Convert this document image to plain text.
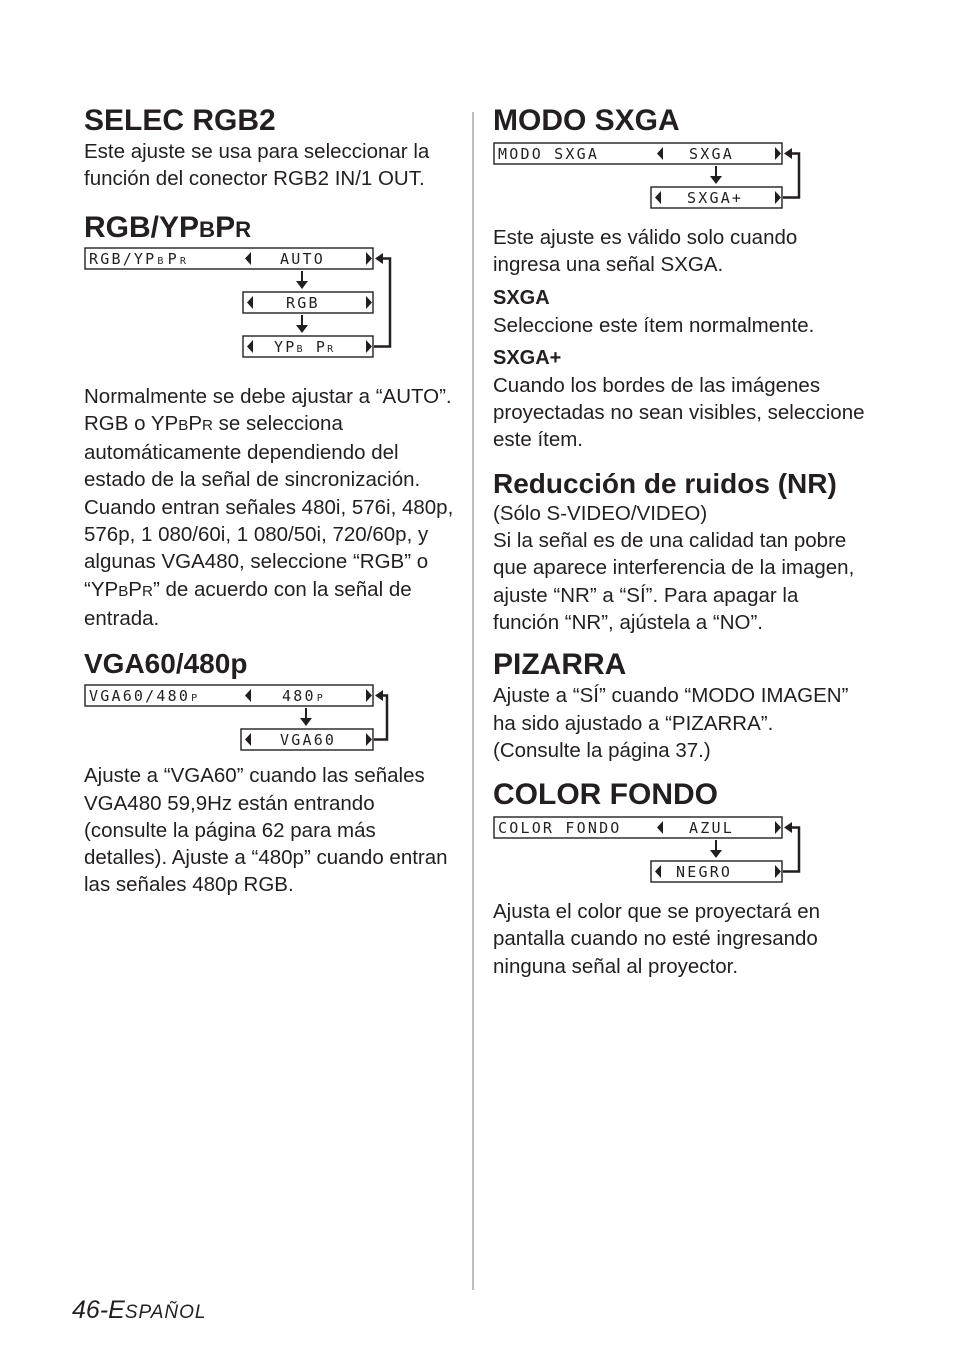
SELEC RGB2

Este ajuste se usa para seleccionar la función del conector RGB2 IN/1 OUT.

RGB/YPBPR
RGB/YPB PR	AUTO
RGB
YPB PR

Normalmente se debe ajustar a “AUTO”. RGB o YPBPR se selecciona automáticamente dependiendo del estado de la señal de sincronización. Cuando entran señales 480i, 576i, 480p, 576p, 1 080/60i, 1 080/50i, 720/60p, y algunas VGA480, seleccione “RGB” o “YPBPR” de acuerdo con la señal de entrada.

VGA60/480p
VGA60/480P	480P
VGA60

Ajuste a “VGA60” cuando las señales VGA480 59,9Hz están entrando (consulte la página 62 para más detalles). Ajuste a “480p” cuando entran las señales 480p RGB.

MODO SXGA
MODO SXGA	SXGA
SXGA+

Este ajuste es válido solo cuando ingresa una señal SXGA.

SXGA

Seleccione este ítem normalmente.

SXGA+

Cuando los bordes de las imágenes proyectadas no sean visibles, seleccione este ítem.

Reducción de ruidos (NR)

(Sólo S-VIDEO/VIDEO)

Si la señal es de una calidad tan pobre que aparece interferencia de la imagen, ajuste “NR” a “SÍ”. Para apagar la función “NR”, ajústela a “NO”.

PIZARRA

Ajuste a “SÍ” cuando “MODO IMAGEN” ha sido ajustado a “PIZARRA”. (Consulte la página 37.)

COLOR FONDO
COLOR FONDO	AZUL
NEGRO

Ajusta el color que se proyectará en pantalla cuando no esté ingresando ninguna señal al proyector.

46-ESPAÑOL
